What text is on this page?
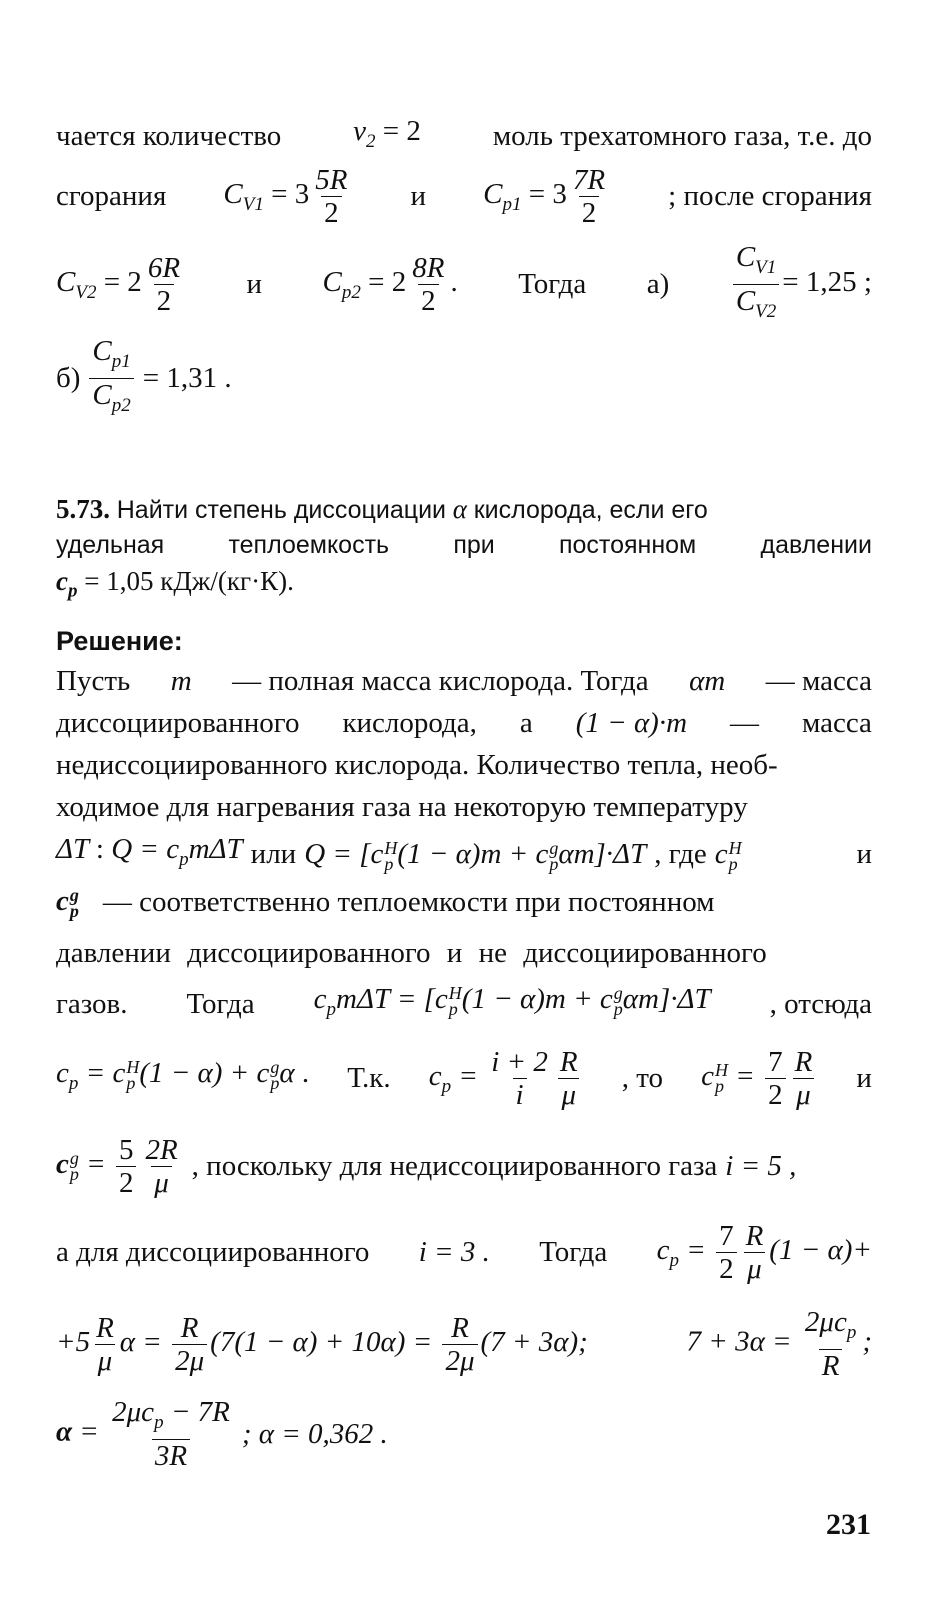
чается количество $\nu_2 = 2$ моль трехатомного газа, т.е. до
сгорания $C_{V1} = 3 \frac{5R}{2}$ и $C_{p1} = 3 \frac{7R}{2}$ ; после сгорания
$C_{V2} = 2 \frac{6R}{2}$ и $C_{p2} = 2 \frac{8R}{2}$ . Тогда $а) \frac{C_{V1}}{C_{V2}} = 1,25$ ;
$б) \frac{C_{p1}}{C_{p2}} = 1,31$ .
5.73. Найти степень диссоциации α кислорода, если его
удельная	теплоемкость	при	постоянном	давлении
$c_p = 1,05$ кДж/(кг·К).
Решение:
Пусть m — полная масса кислорода. Тогда αm — масса
диссоциированного кислорода, а (1 − α)·m — масса
недиссоциированного кислорода. Количество тепла, необ-
ходимое для нагревания газа на некоторую температуру
ΔT : $Q = c_pm\Delta T$ или Q = [c H
p (1 − α)m + c g
p αm]·ΔT , где c H
p	и
c g
p — соответственно теплоемкости при постоянном
давлении диссоциированного и не диссоциированного
газов. Тогда $c_pm\Delta T = [c$ H
p (1 − α)m + c g
p αm]·ΔT , отсюда
$c_p = c$ H
p (1 − α) + c g
p α . Т.к. $c_p = \frac{i + 2}{i} \frac{R}{\mu}$ , то c H
$p = \frac{7}{2} \frac{R}{\mu}$ и
c g
$p = \frac{5}{2} \frac{2R}{\mu}$ , поскольку для недиссоциированного газа i = 5 ,
а для диссоциированного i = 3 . Тогда $c_p = \frac{7}{2} \frac{R}{\mu} (1 - \alpha)+$
$+5 \frac{R}{\mu}$ $\alpha = \frac{R}{2\mu} (7(1 - \alpha) + 10\alpha) = \frac{R}{2\mu} (7 + 3\alpha)$;	$7 + 3\alpha = \frac{2\mu c_p}{R}$ ;
$\alpha = \frac{2\mu c_p - 7R}{3R}$ ; α = 0,362 .
231
